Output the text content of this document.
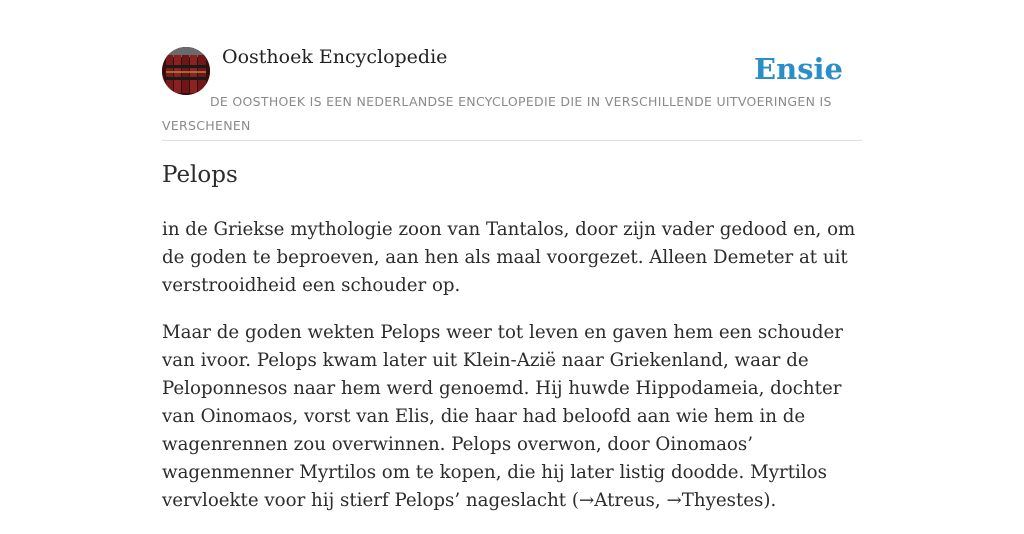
Oosthoek Encyclopedie	Ensie
DE OOSTHOEK IS EEN NEDERLANDSE ENCYCLOPEDIE DIE IN VERSCHILLENDE UITVOERINGEN IS VERSCHENEN
Pelops

in de Griekse mythologie zoon van Tantalos, door zijn vader gedood en, om de goden te beproeven, aan hen als maal voorgezet. Alleen Demeter at uit verstrooidheid een schouder op.

Maar de goden wekten Pelops weer tot leven en gaven hem een schouder van ivoor. Pelops kwam later uit Klein-Azië naar Griekenland, waar de Peloponnesos naar hem werd genoemd. Hij huwde Hippodameia, dochter van Oinomaos, vorst van Elis, die haar had beloofd aan wie hem in de wagenrennen zou overwinnen. Pelops overwon, door Oinomaos’ wagenmenner Myrtilos om te kopen, die hij later listig doodde. Myrtilos vervloekte voor hij stierf Pelops’ nageslacht (→Atreus, →Thyestes).
